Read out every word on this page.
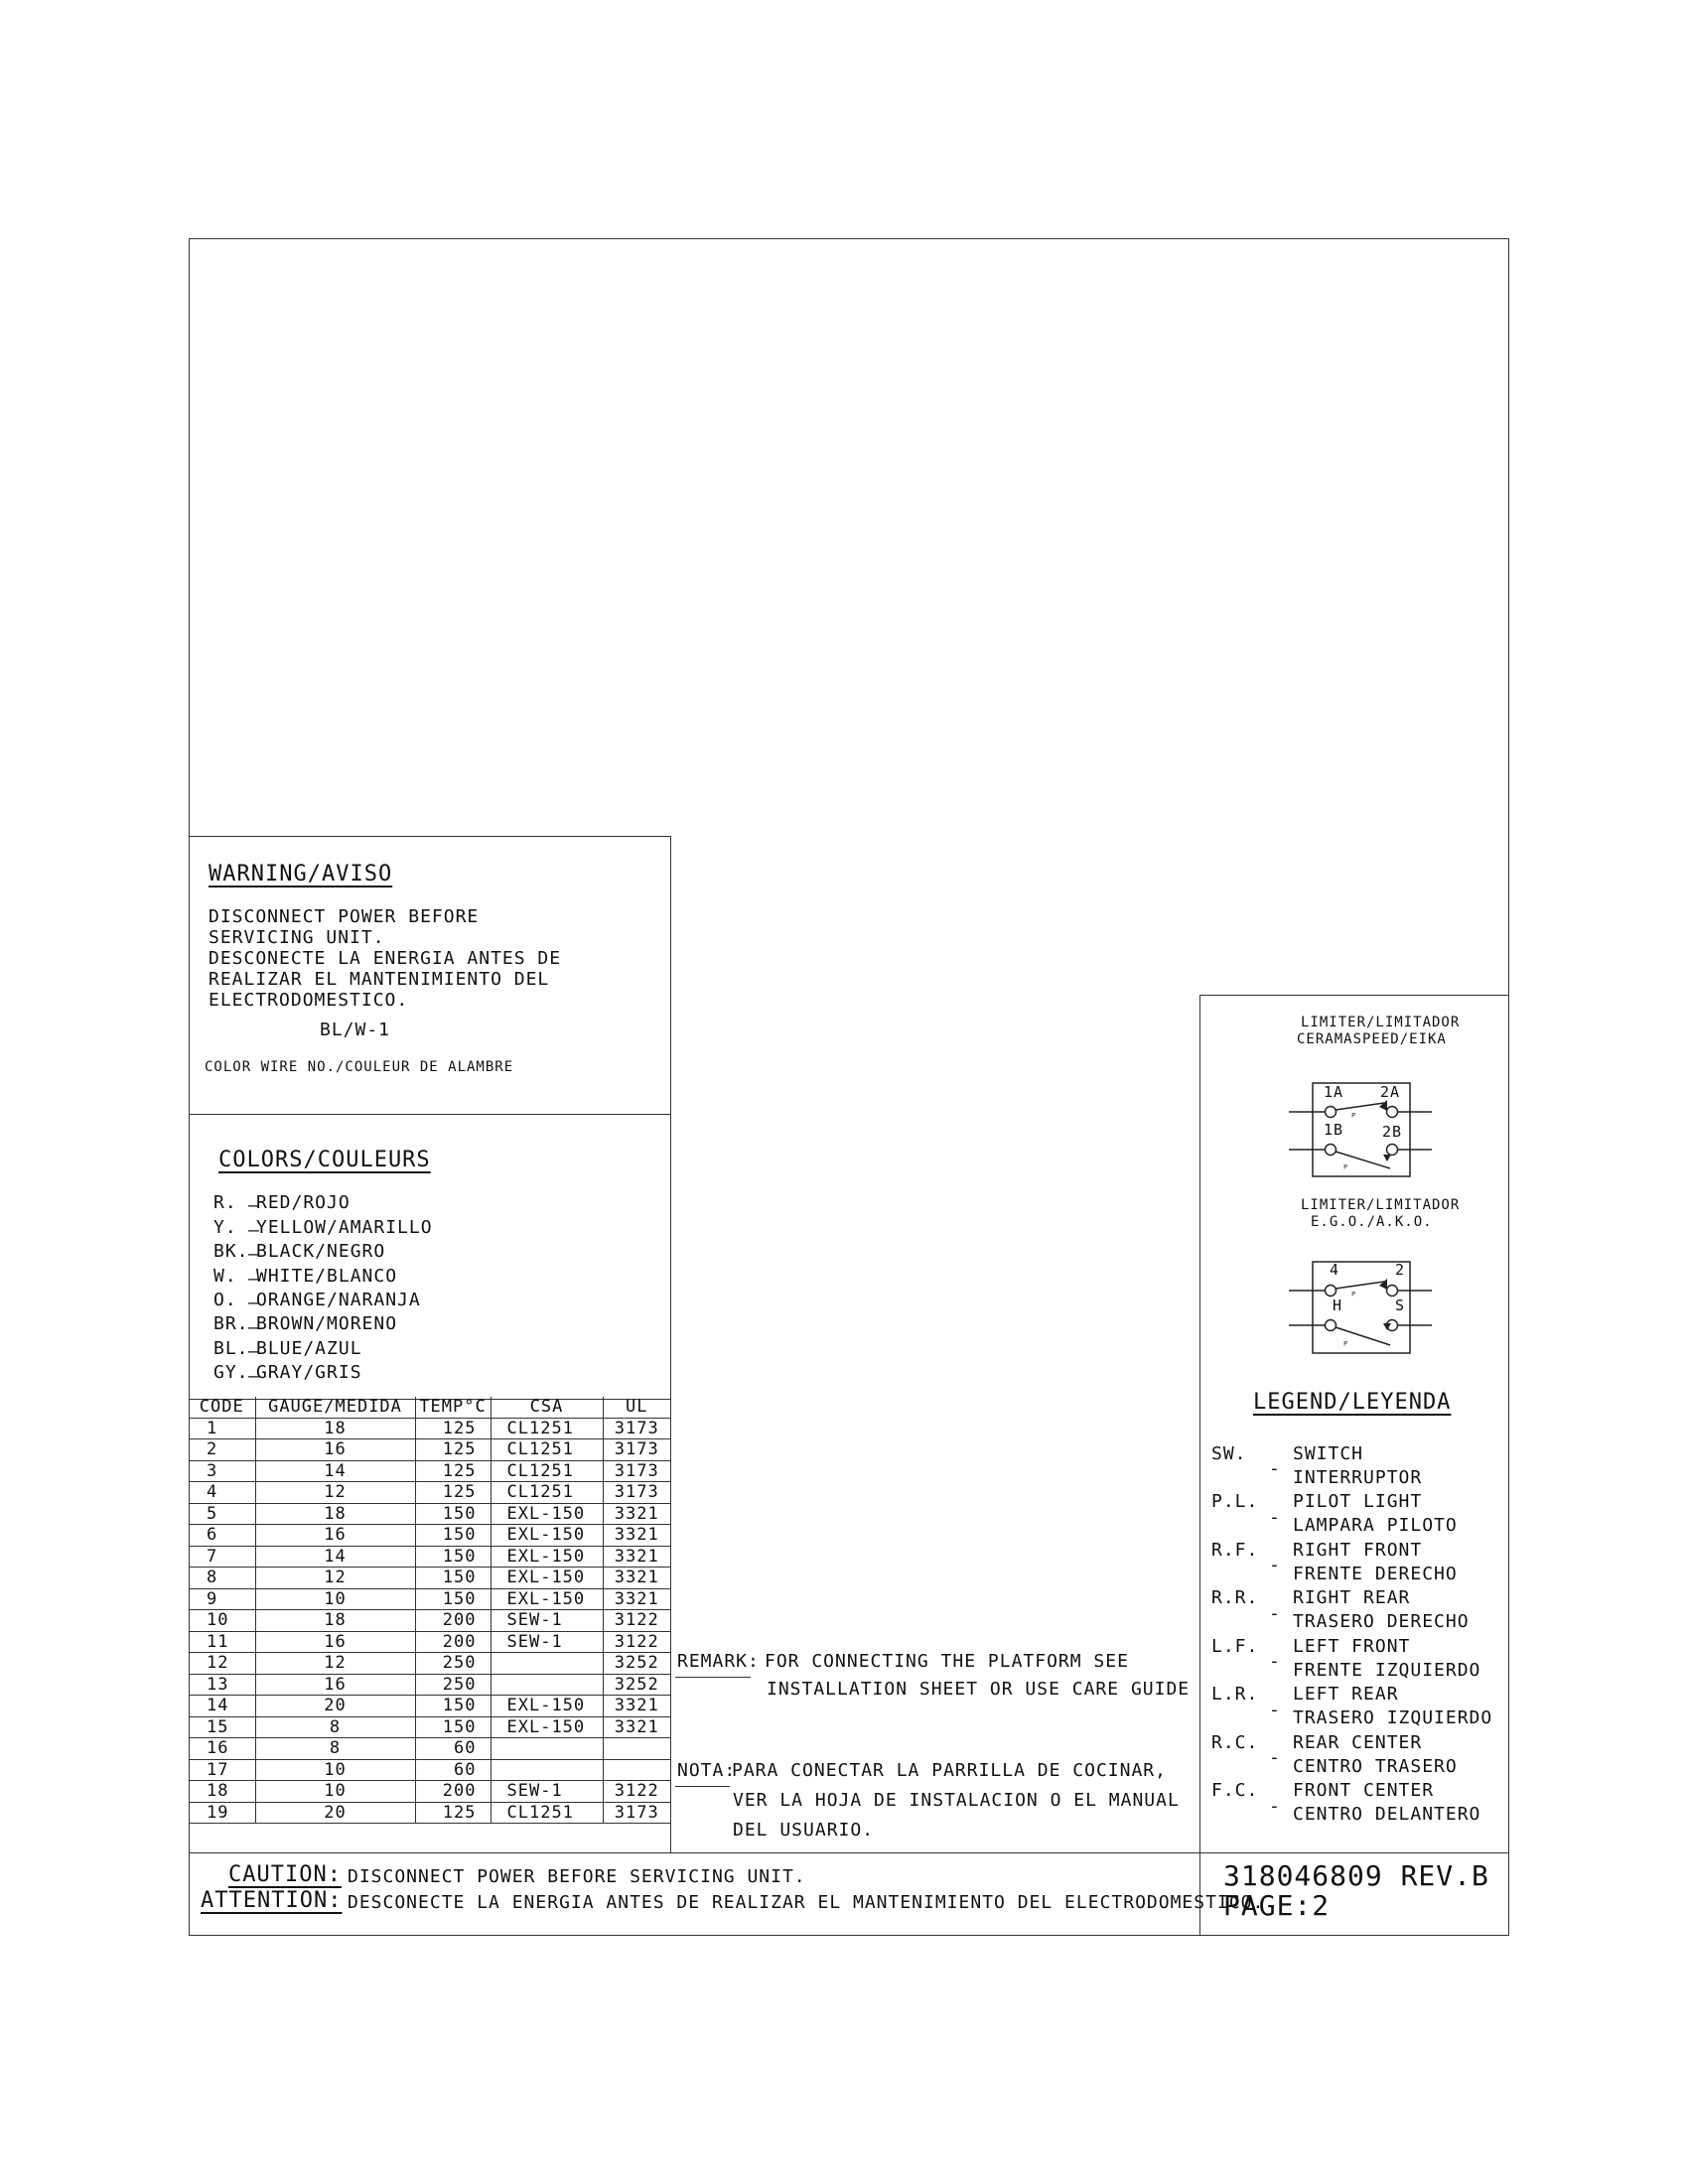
WARNING/AVISO
DISCONNECT POWER BEFORE
SERVICING UNIT.
DESCONECTE LA ENERGIA ANTES DE
REALIZAR EL MANTENIMIENTO DEL
ELECTRODOMESTICO.
BL/W-1
COLOR WIRE NO./COULEUR DE ALAMBRE
COLORS/COULEURS
R. RED/ROJO
Y. YELLOW/AMARILLO
BK. BLACK/NEGRO
W. WHITE/BLANCO
O. ORANGE/NARANJA
BR. BROWN/MORENO
BL. BLUE/AZUL
GY. GRAY/GRIS
–
–
–
–
–
–
–
–
CODE	GAUGE/MEDIDA	TEMP°C	CSA	UL
1	18	125	CL1251	3173
2	16	125	CL1251	3173
3	14	125	CL1251	3173
4	12	125	CL1251	3173
5	18	150	EXL-150	3321
6	16	150	EXL-150	3321
7	14	150	EXL-150	3321
8	12	150	EXL-150	3321
9	10	150	EXL-150	3321
10	18	200	SEW-1	3122
11	16	200	SEW-1	3122
12	12	250		3252
13	16	250		3252
14	20	150	EXL-150	3321
15	8	150	EXL-150	3321
16	8	60		
17	10	60		
18	10	200	SEW-1	3122
19	20	125	CL1251	3173
REMARK: FOR CONNECTING THE PLATFORM SEE
INSTALLATION SHEET OR USE CARE GUIDE
NOTA:
PARA CONECTAR LA PARRILLA DE COCINAR,
VER LA HOJA DE INSTALACION O EL MANUAL
DEL USUARIO.
LIMITER/LIMITADOR
CERAMASPEED/EIKA
ᴾ
ᴾ
1A 2A
1B	2B
LIMITER/LIMITADOR
E.G.O./A.K.O.
ᴾ
ᴾ
4	2
H	S
LEGEND/LEYENDA
SW.	SWITCH
INTERRUPTOR
P.L. PILOT LIGHT
LAMPARA PILOTO
R.F. RIGHT FRONT
FRENTE DERECHO
R.R. RIGHT REAR
TRASERO DERECHO
L.F. LEFT FRONT
FRENTE IZQUIERDO
L.R. LEFT REAR
TRASERO IZQUIERDO
R.C. REAR CENTER
CENTRO TRASERO
F.C. FRONT CENTER
CENTRO DELANTERO
-
-
-
-
-
-
-
-
CAUTION: DISCONNECT POWER BEFORE SERVICING UNIT.
ATTENTION: DESCONECTE LA ENERGIA ANTES DE REALIZAR EL MANTENIMIENTO DEL ELECTRODOMESTICO.
318046809 REV.B
PAGE:2
